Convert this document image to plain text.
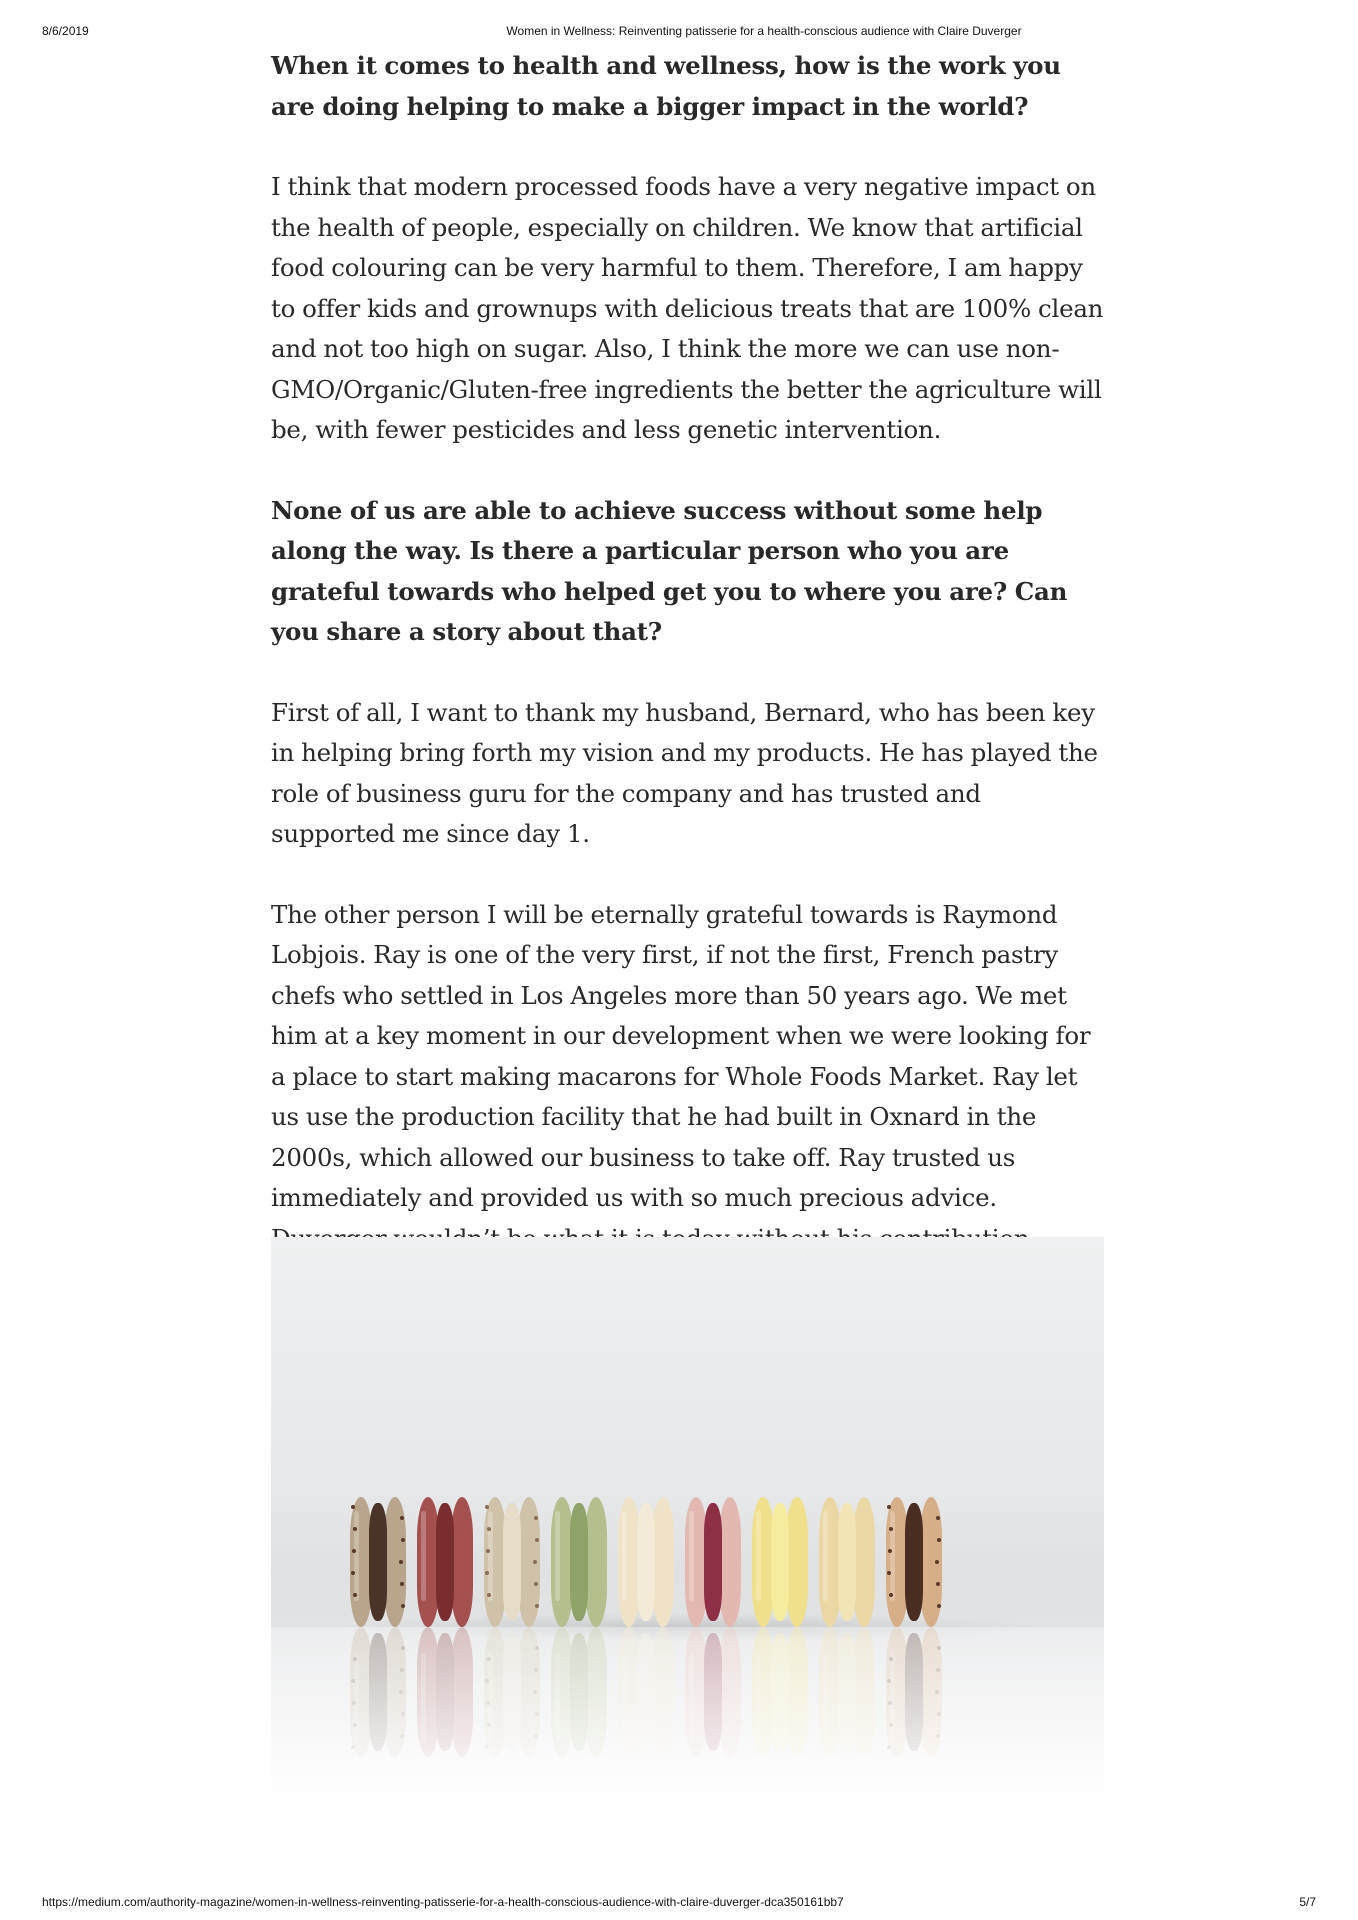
8/6/2019	Women in Wellness: Reinventing patisserie for a health-conscious audience with Claire Duverger

When it comes to health and wellness, how is the work you are doing helping to make a bigger impact in the world?

I think that modern processed foods have a very negative impact on the health of people, especially on children. We know that artificial food colouring can be very harmful to them. Therefore, I am happy to offer kids and grownups with delicious treats that are 100% clean and not too high on sugar. Also, I think the more we can use non-GMO/Organic/Gluten-free ingredients the better the agriculture will be, with fewer pesticides and less genetic intervention.

None of us are able to achieve success without some help along the way. Is there a particular person who you are grateful towards who helped get you to where you are? Can you share a story about that?

First of all, I want to thank my husband, Bernard, who has been key in helping bring forth my vision and my products. He has played the role of business guru for the company and has trusted and supported me since day 1.

The other person I will be eternally grateful towards is Raymond Lobjois. Ray is one of the very first, if not the first, French pastry chefs who settled in Los Angeles more than 50 years ago. We met him at a key moment in our development when we were looking for a place to start making macarons for Whole Foods Market. Ray let us use the production facility that he had built in Oxnard in the 2000s, which allowed our business to take off. Ray trusted us immediately and provided us with so much precious advice.

https://medium.com/authority-magazine/women-in-wellness-reinventing-patisserie-for-a-health-conscious-audience-with-claire-duverger-dca350161bb7	5/7
